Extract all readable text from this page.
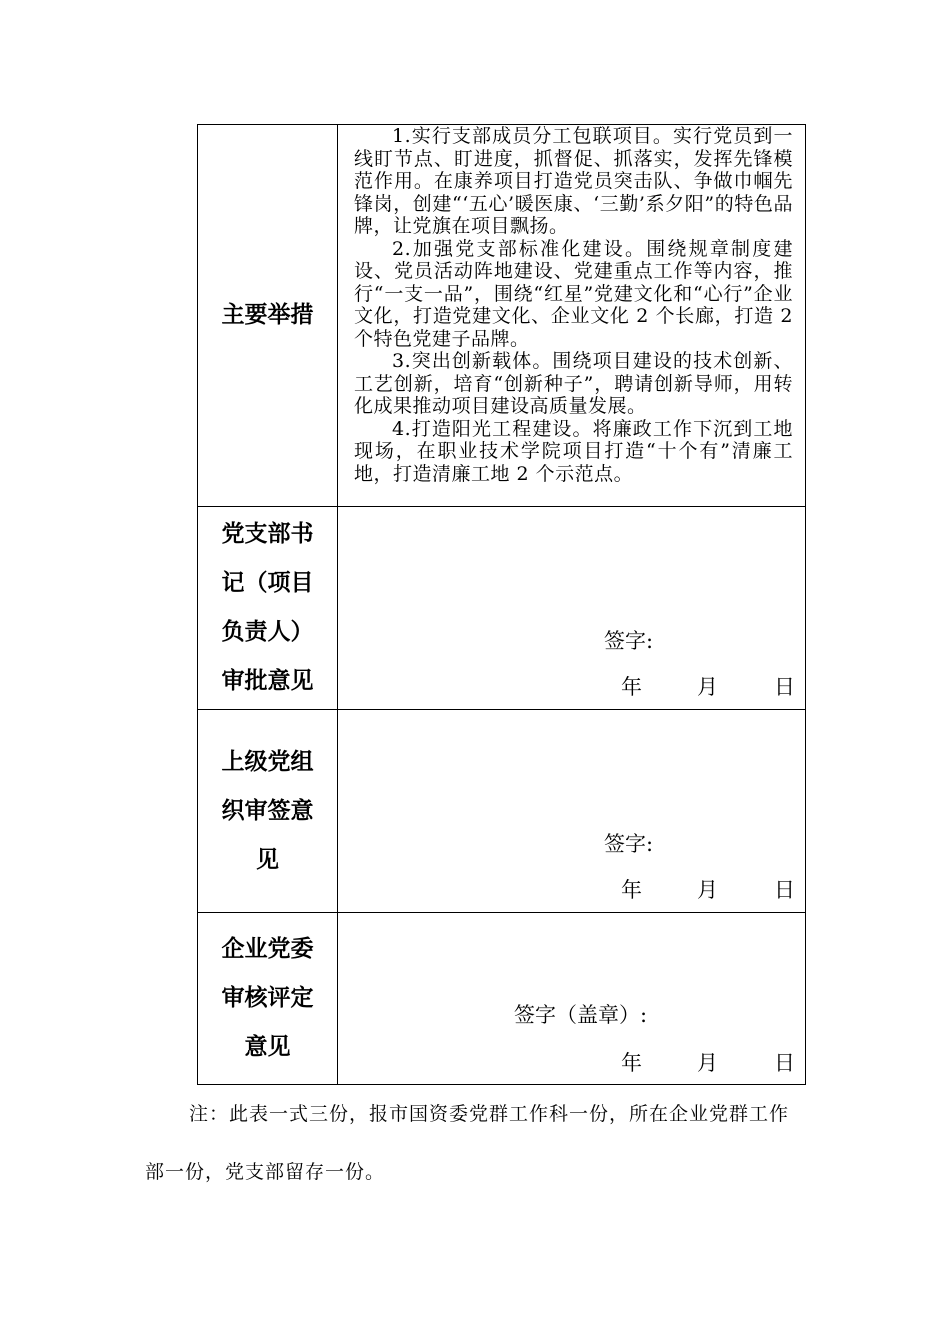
主要举措	1.实行支部成员分工包联项目。实行党员到一线盯节点、盯进度，抓督促、抓落实，发挥先锋模范作用。在康养项目打造党员突击队、争做巾帼先锋岗，创建“‘五心’暖医康、‘三勤’系夕阳”的特色品牌，让党旗在项目飘扬。

2.加强党支部标准化建设。围绕规章制度建设、党员活动阵地建设、党建重点工作等内容，推行“一支一品”，围绕“红星”党建文化和“心行”企业文化，打造党建文化、企业文化 2 个长廊，打造 2 个特色党建子品牌。

3.突出创新载体。围绕项目建设的技术创新、工艺创新，培育“创新种子”，聘请创新导师，用转化成果推动项目建设高质量发展。

4.打造阳光工程建设。将廉政工作下沉到工地现场，在职业技术学院项目打造“十个有”清廉工地，打造清廉工地 2 个示范点。

党支部书
记（项目
负责人）
审批意见	签字:
年 月 日

上级党组
织审签意
见	签字:
年 月 日

企业党委
审核评定
意见	签字（盖章）:
年 月 日
注：此表一式三份，报市国资委党群工作科一份，所在企业党群工作部一份，党支部留存一份。
